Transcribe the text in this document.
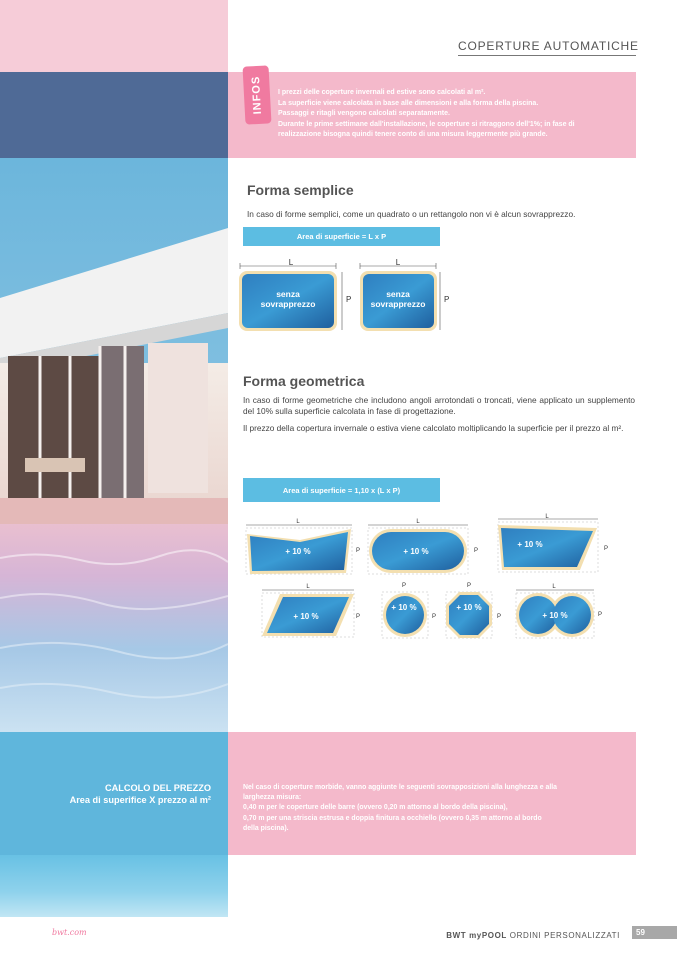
COPERTURE AUTOMATICHE
INFOS I prezzi delle coperture invernali ed estive sono calcolati al m².
La superficie viene calcolata in base alle dimensioni e alla forma della piscina.
Passaggi e ritagli vengono calcolati separatamente.
Durante le prime settimane dall'installazione, le coperture si ritraggono dell'1%; in fase di
realizzazione bisogna quindi tenere conto di una misura leggermente più grande.
Forma semplice
In caso di forme semplici, come un quadrato o un rettangolo non vi è alcun sovrapprezzo.
Area di superficie = L x P
L
senza
sovrapprezzo	P
L
senza
sovrapprezzo P
Forma geometrica
In caso di forme geometriche che includono angoli arrotondati o troncati, viene applicato un supplemento del 10% sulla superficie calcolata in fase di progettazione.
Il prezzo della copertura invernale o estiva viene calcolato moltiplicando la superficie per il prezzo al m².
Area di superficie = 1,10 x (L x P)
L
+ 10 %	P
L
+ 10 %	P
L
+ 10 %	P
L
+ 10 %	P
P
+ 10 %
P
P
+ 10 %
P
L
+ 10 %	P
CALCOLO DEL PREZZO
Area di superifice X prezzo al m²
Nel caso di coperture morbide, vanno aggiunte le seguenti sovrapposizioni alla lunghezza e alla
larghezza misura:
0,40 m per le coperture delle barre (ovvero 0,20 m attorno al bordo della piscina),
0,70 m per una striscia estrusa e doppia finitura a occhiello (ovvero 0,35 m attorno al bordo
della piscina).
bwt.com	BWT myPOOL ORDINI PERSONALIZZATI	59
